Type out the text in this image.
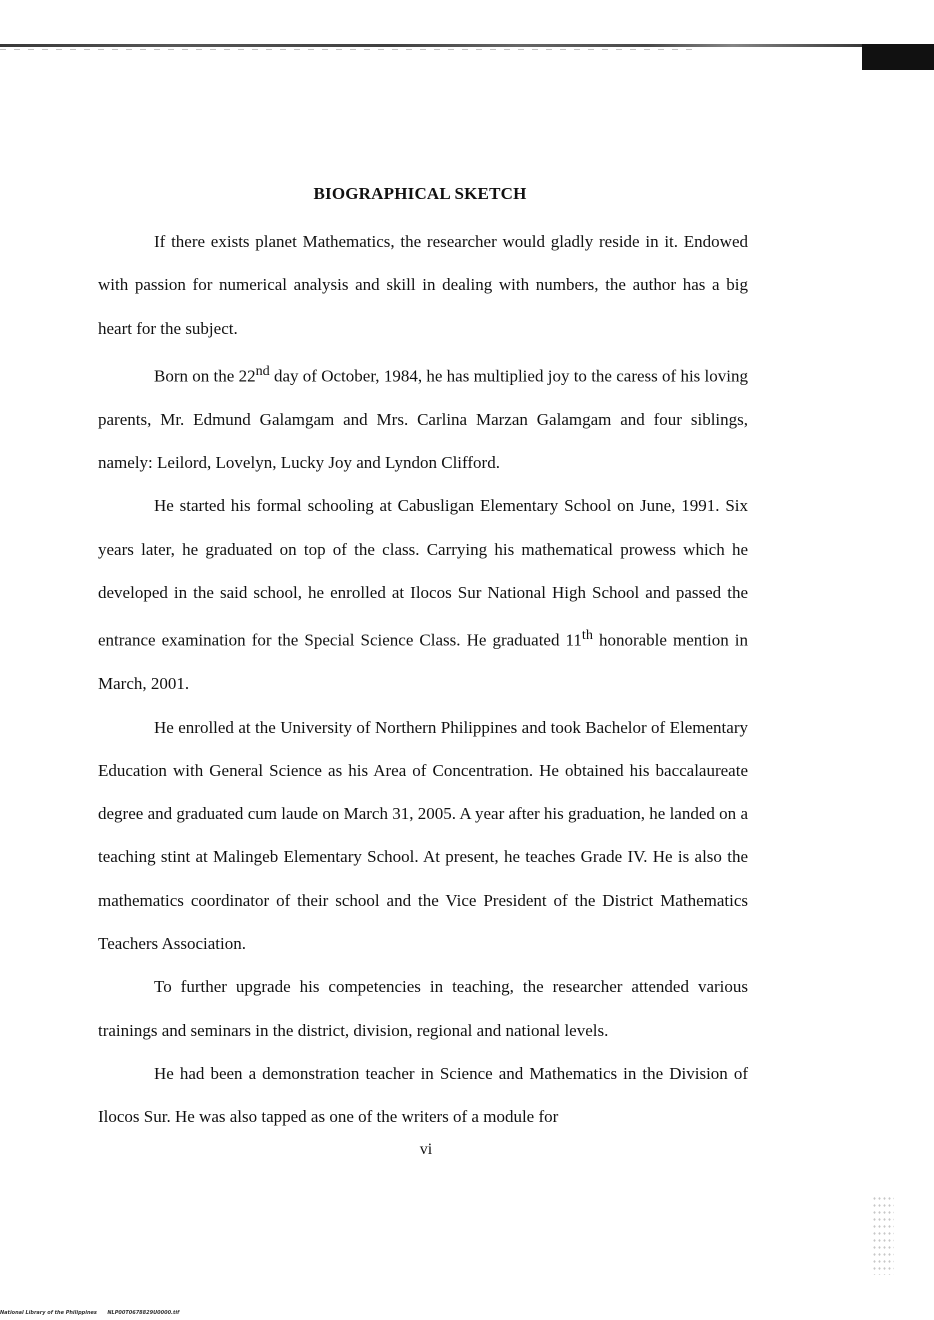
BIOGRAPHICAL SKETCH

If there exists planet Mathematics, the researcher would gladly reside in it. Endowed with passion for numerical analysis and skill in dealing with numbers, the author has a big heart for the subject.

Born on the 22nd day of October, 1984, he has multiplied joy to the caress of his loving parents, Mr. Edmund Galamgam and Mrs. Carlina Marzan Galamgam and four siblings, namely: Leilord, Lovelyn, Lucky Joy and Lyndon Clifford.

He started his formal schooling at Cabusligan Elementary School on June, 1991. Six years later, he graduated on top of the class. Carrying his mathematical prowess which he developed in the said school, he enrolled at Ilocos Sur National High School and passed the entrance examination for the Special Science Class. He graduated 11th honorable mention in March, 2001.

He enrolled at the University of Northern Philippines and took Bachelor of Elementary Education with General Science as his Area of Concentration. He obtained his baccalaureate degree and graduated cum laude on March 31, 2005. A year after his graduation, he landed on a teaching stint at Malingeb Elementary School. At present, he teaches Grade IV. He is also the mathematics coordinator of their school and the Vice President of the District Mathematics Teachers Association.

To further upgrade his competencies in teaching, the researcher attended various trainings and seminars in the district, division, regional and national levels.

He had been a demonstration teacher in Science and Mathematics in the Division of Ilocos Sur. He was also tapped as one of the writers of a module for

vi
National Library of the Philippines NLP00T0678829U0000.tif
